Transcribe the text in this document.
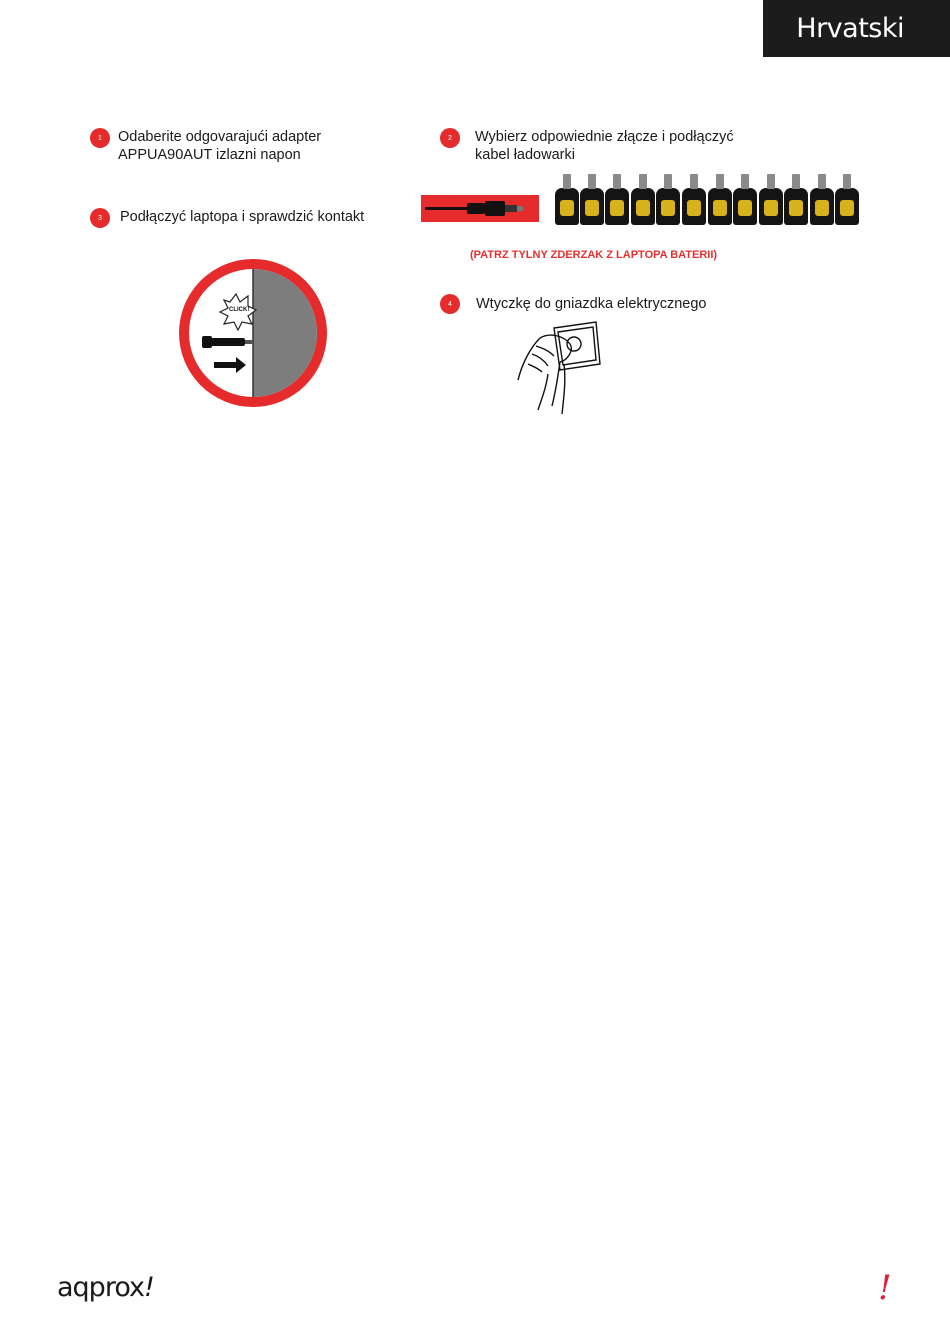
Hrvatski
1 Odaberite odgovarajući adapter
APPUA90AUT izlazni napon
2 Wybierz odpowiednie złącze i podłączyć
kabel ładowarki
3 Podłączyć laptopa i sprawdzić kontakt
4 Wtyczkę do gniazdka elektrycznego
(PATRZ TYLNY ZDERZAK Z LAPTOPA BATERII)
CLICK!
aqprox!	!
